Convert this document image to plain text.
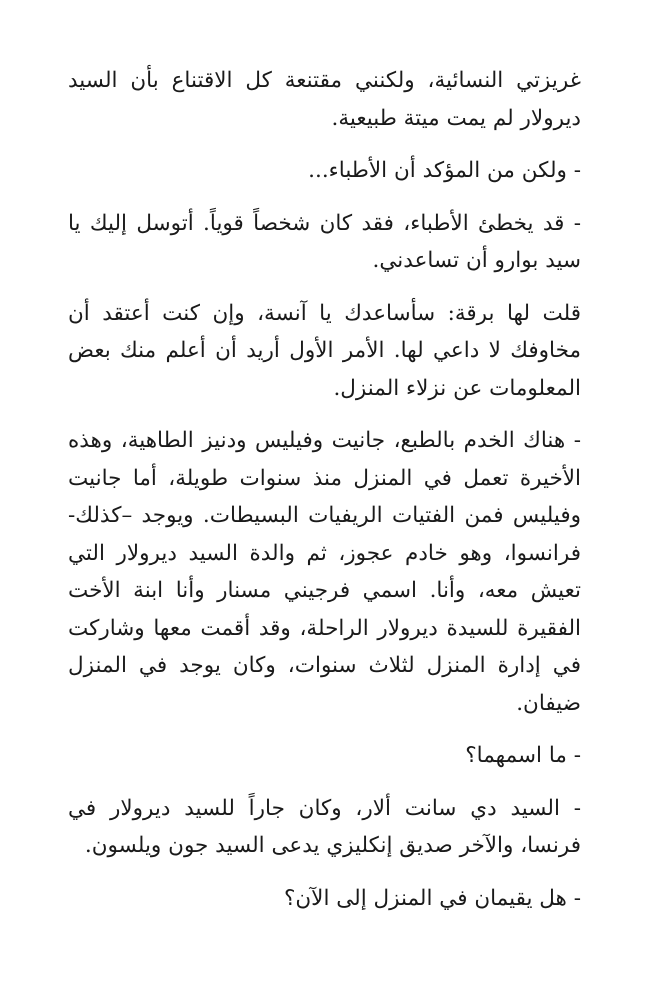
غريزتي النسائية، ولكنني مقتنعة كل الاقتناع بأن السيد ديرولار لم يمت ميتة طبيعية.

- ولكن من المؤكد أن الأطباء...

- قد يخطئ الأطباء، فقد كان شخصاً قوياً. أتوسل إليك يا سيد بوارو أن تساعدني.

قلت لها برقة: سأساعدك يا آنسة، وإن كنت أعتقد أن مخاوفك لا داعي لها. الأمر الأول أريد أن أعلم منك بعض المعلومات عن نزلاء المنزل.

- هناك الخدم بالطبع، جانيت وفيليس ودنيز الطاهية، وهذه الأخيرة تعمل في المنزل منذ سنوات طويلة، أما جانيت وفيليس فمن الفتيات الريفيات البسيطات. ويوجد –كذلك- فرانسوا، وهو خادم عجوز، ثم والدة السيد ديرولار التي تعيش معه، وأنا. اسمي فرجيني مسنار وأنا ابنة الأخت الفقيرة للسيدة ديرولار الراحلة، وقد أقمت معها وشاركت في إدارة المنزل لثلاث سنوات، وكان يوجد في المنزل ضيفان.

- ما اسمهما؟

- السيد دي سانت ألار، وكان جاراً للسيد ديرولار في فرنسا، والآخر صديق إنكليزي يدعى السيد جون ويلسون.

- هل يقيمان في المنزل إلى الآن؟
